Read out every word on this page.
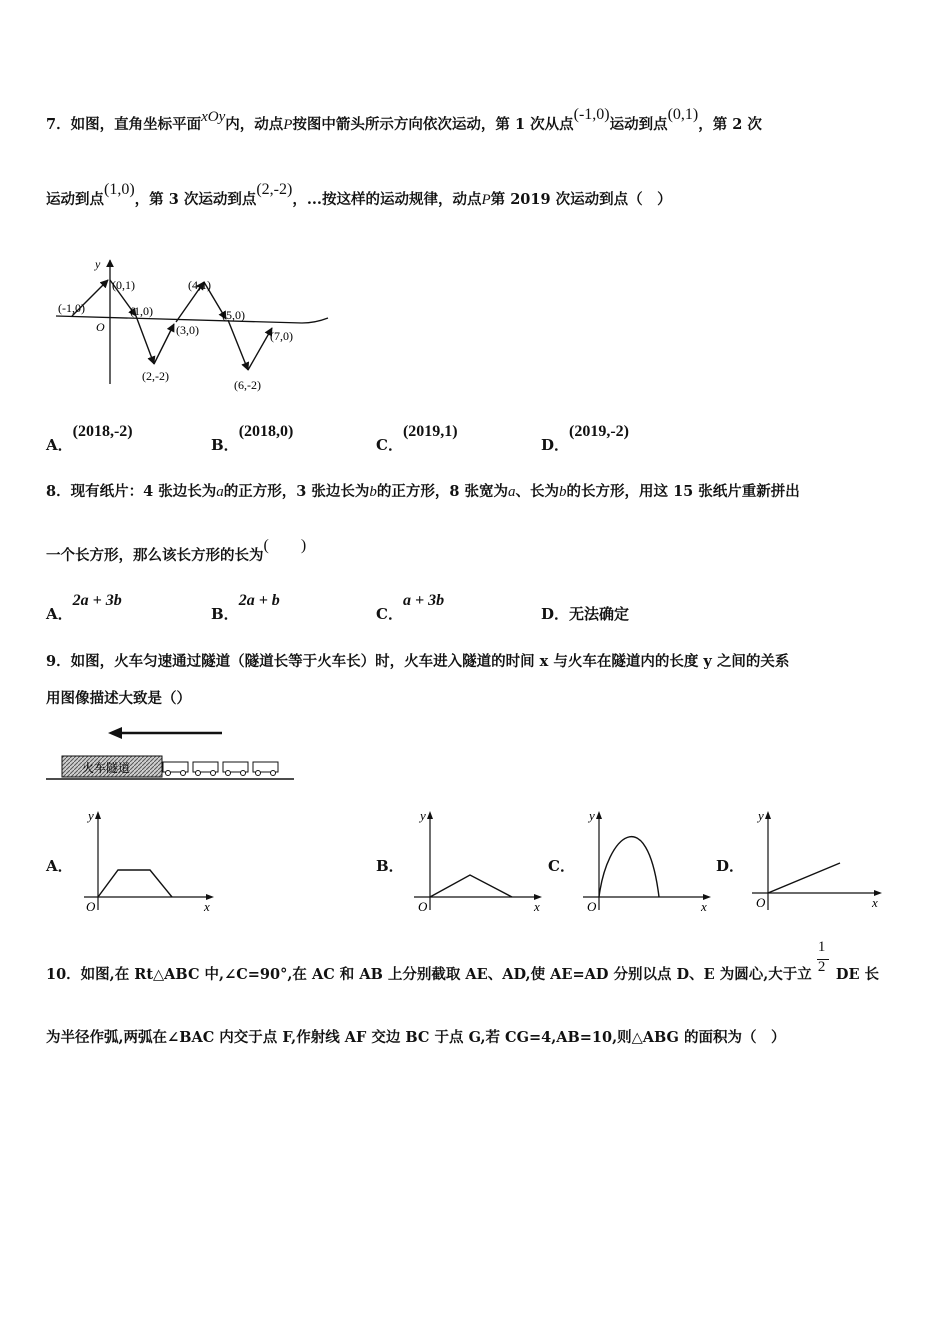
7．如图，直角坐标平面xOy内，动点P按图中箭头所示方向依次运动，第 1 次从点(-1,0)运动到点(0,1)，第 2 次
运动到点(1,0)，第 3 次运动到点(2,-2)，...按这样的运动规律，动点P第 2019 次运动到点（　）
y
O
(-1,0)
(0,1)
(1,0)
(2,-2)
(3,0)
(4,1)
(5,0)
(6,-2)
(7,0)
A．(2018,-2)
B．(2018,0)
C．(2019,1)
D．(2019,-2)
8．现有纸片：4 张边长为a的正方形，3 张边长为b的正方形，8 张宽为a、长为b的长方形，用这 15 张纸片重新拼出
一个长方形，那么该长方形的长为(　　)
A．2a + 3b
B．2a + b
C．a + 3b
D．无法确定
9．如图，火车匀速通过隧道（隧道长等于火车长）时，火车进入隧道的时间 x 与火车在隧道内的长度 y 之间的关系
用图像描述大致是（）
火车隧道
A．
y
O	x
B．
y
O	x
C．
y
O	x
D．
y
O	x
10．如图,在 Rt△ABC 中,∠C=90°,在 AC 和 AB 上分别截取 AE、AD,使 AE=AD 分别以点 D、E 为圆心,大于立 $\frac{1}{2}$ DE 长
为半径作弧,两弧在∠BAC 内交于点 F,作射线 AF 交边 BC 于点 G,若 CG=4,AB=10,则△ABG 的面积为（　）
